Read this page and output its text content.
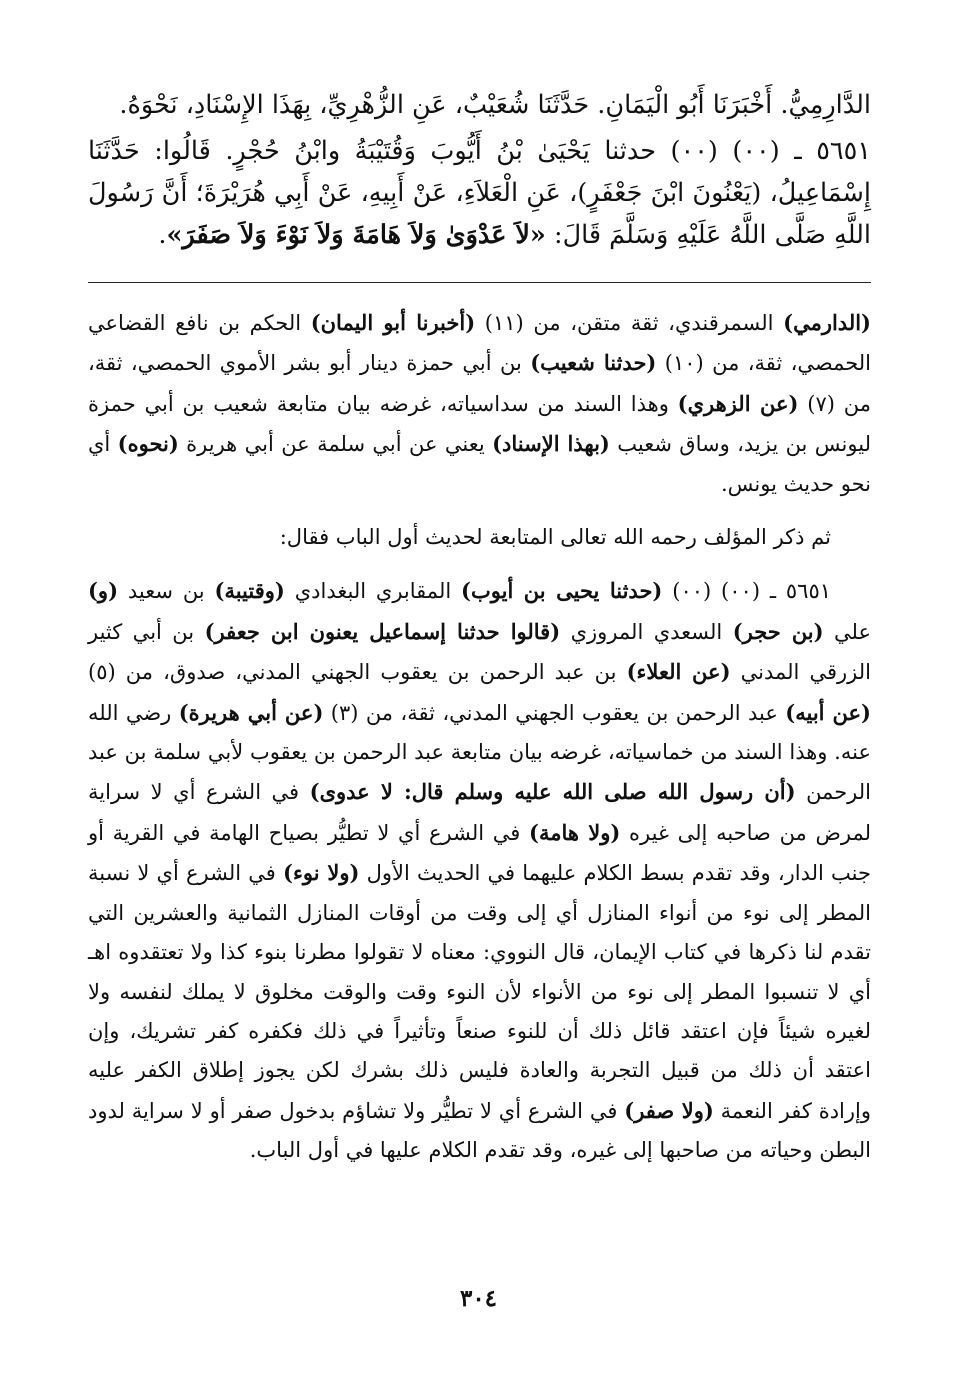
الدَّارِمِيُّ. أَخْبَرَنَا أَبُو الْيَمَانِ. حَدَّثَنَا شُعَيْبٌ، عَنِ الزُّهْرِيِّ، بِهَذَا الإِسْنَادِ، نَحْوَهُ.

٥٦٥١ ـ (٠٠) (٠٠) حدثنا يَحْيَىٰ بْنُ أَيُّوبَ وَقُتَيْبَةُ وابْنُ حُجْرٍ. قَالُوا: حَدَّثَنَا إِسْمَاعِيلُ، (يَعْنُونَ ابْنَ جَعْفَرٍ)، عَنِ الْعَلاَءِ، عَنْ أَبِيهِ، عَنْ أَبِي هُرَيْرَةَ؛ أَنَّ رَسُولَ اللَّهِ صَلَّى اللَّهُ عَلَيْهِ وَسَلَّمَ قَالَ: «لاَ عَدْوَىٰ وَلاَ هَامَةَ وَلاَ نَوْءَ وَلاَ صَفَرَ».

(الدارمي) السمرقندي، ثقة متقن، من (١١) (أخبرنا أبو اليمان) الحكم بن نافع القضاعي الحمصي، ثقة، من (١٠) (حدثنا شعيب) بن أبي حمزة دينار أبو بشر الأموي الحمصي، ثقة، من (٧) (عن الزهري) وهذا السند من سداسياته، غرضه بيان متابعة شعيب بن أبي حمزة ليونس بن يزيد، وساق شعيب (بهذا الإسناد) يعني عن أبي سلمة عن أبي هريرة (نحوه) أي نحو حديث يونس.

ثم ذكر المؤلف رحمه الله تعالى المتابعة لحديث أول الباب فقال:

٥٦٥١ ـ (٠٠) (٠٠) (حدثنا يحيى بن أيوب) المقابري البغدادي (وقتيبة) بن سعيد (و) علي (بن حجر) السعدي المروزي (قالوا حدثنا إسماعيل يعنون ابن جعفر) بن أبي كثير الزرقي المدني (عن العلاء) بن عبد الرحمن بن يعقوب الجهني المدني، صدوق، من (٥) (عن أبيه) عبد الرحمن بن يعقوب الجهني المدني، ثقة، من (٣) (عن أبي هريرة) رضي الله عنه. وهذا السند من خماسياته، غرضه بيان متابعة عبد الرحمن بن يعقوب لأبي سلمة بن عبد الرحمن (أن رسول الله صلى الله عليه وسلم قال: لا عدوى) في الشرع أي لا سراية لمرض من صاحبه إلى غيره (ولا هامة) في الشرع أي لا تطيُّر بصياح الهامة في القرية أو جنب الدار، وقد تقدم بسط الكلام عليهما في الحديث الأول (ولا نوء) في الشرع أي لا نسبة المطر إلى نوء من أنواء المنازل أي إلى وقت من أوقات المنازل الثمانية والعشرين التي تقدم لنا ذكرها في كتاب الإيمان، قال النووي: معناه لا تقولوا مطرنا بنوء كذا ولا تعتقدوه اهـ أي لا تنسبوا المطر إلى نوء من الأنواء لأن النوء وقت والوقت مخلوق لا يملك لنفسه ولا لغيره شيئاً فإن اعتقد قائل ذلك أن للنوء صنعاً وتأثيراً في ذلك فكفره كفر تشريك، وإن اعتقد أن ذلك من قبيل التجربة والعادة فليس ذلك بشرك لكن يجوز إطلاق الكفر عليه وإرادة كفر النعمة (ولا صفر) في الشرع أي لا تطيُّر ولا تشاؤم بدخول صفر أو لا سراية لدود البطن وحياته من صاحبها إلى غيره، وقد تقدم الكلام عليها في أول الباب.

٣٠٤
